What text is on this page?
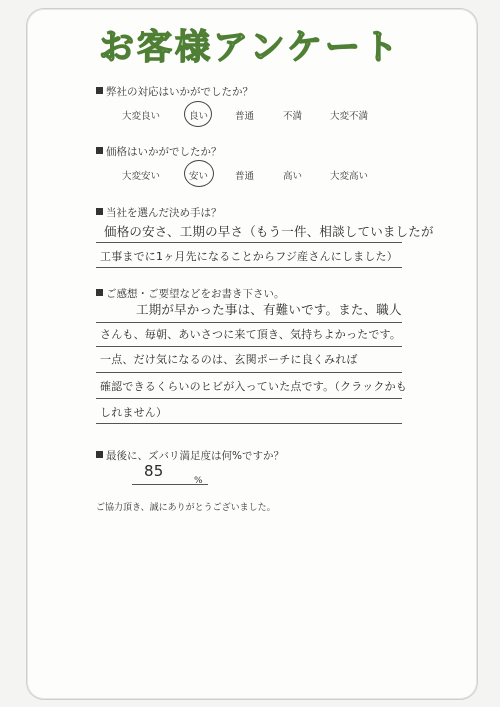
お客様アンケート
弊社の対応はいかがでしたか？
大変良い	良い	普通	不満	大変不満
価格はいかがでしたか？
大変安い	安い	普通	高い	大変高い
当社を選んだ決め手は？
価格の安さ、工期の早さ（もう一件、相談していましたが
工事までに1ヶ月先になることからフジ産さんにしました）
ご感想・ご要望などをお書き下さい。
工期が早かった事は、有難いです。また、職人
さんも、毎朝、あいさつに来て頂き、気持ちよかったです。
一点、だけ気になるのは、玄関ポーチに良くみれば
確認できるくらいのヒビが入っていた点です。（クラックかも
しれません）
最後に、ズバリ満足度は何%ですか？
85
%
ご協力頂き、誠にありがとうございました。
